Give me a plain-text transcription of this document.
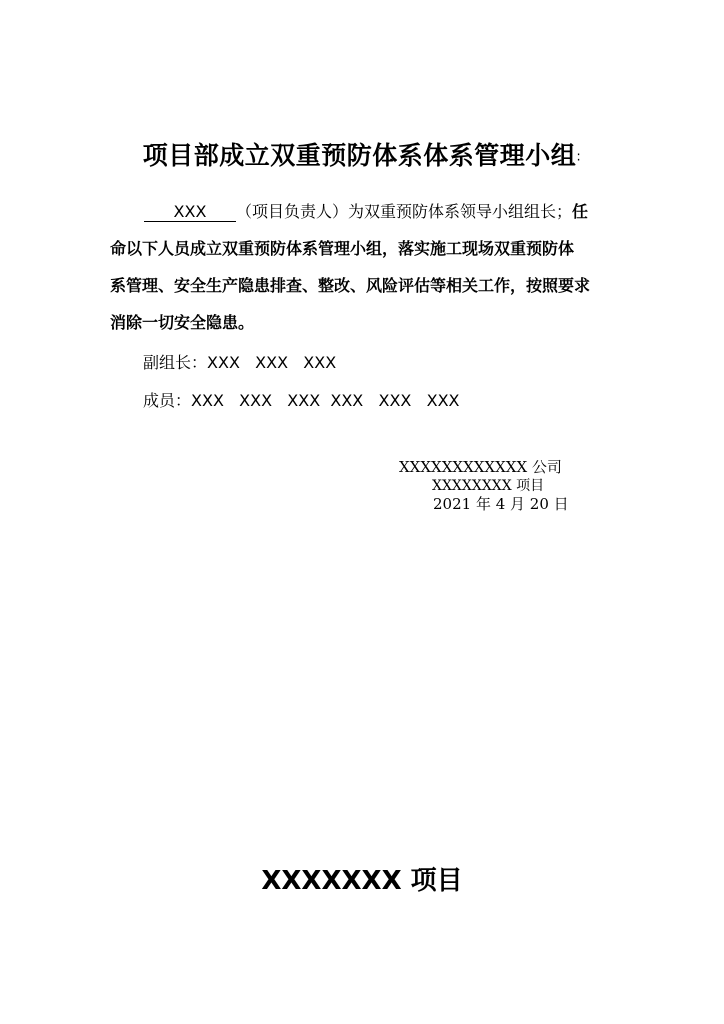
项目部成立双重预防体系体系管理小组:
XXX （项目负责人）为双重预防体系领导小组组长；任
命以下人员成立双重预防体系管理小组，落实施工现场双重预防体
系管理、安全生产隐患排查、整改、风险评估等相关工作，按照要求
消除一切安全隐患。
副组长：XXX   XXX   XXX
成员：XXX   XXX   XXX  XXX   XXX   XXX
XXXXXXXXXXXX 公司
XXXXXXXX 项目
2021 年 4 月 20 日
XXXXXXX 项目
